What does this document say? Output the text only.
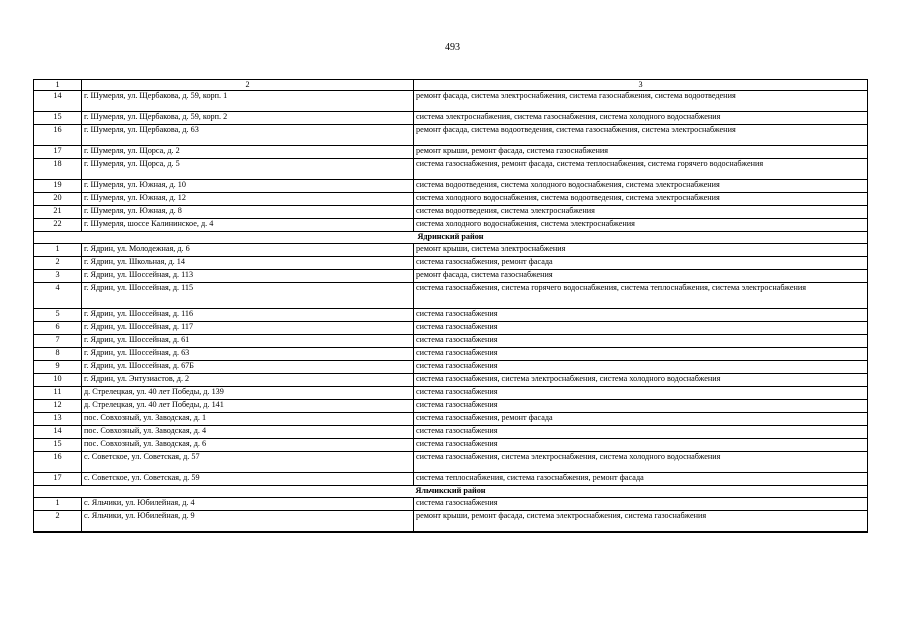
493
1	2	3
14	г. Шумерля, ул. Щербакова, д. 59, корп. 1	ремонт фасада, система электроснабжения, система газоснабжения, система водоотведения
15	г. Шумерля, ул. Щербакова, д. 59, корп. 2	система электроснабжения, система газоснабжения, система холодного водоснабжения
16	г. Шумерля, ул. Щербакова, д. 63	ремонт фасада, система водоотведения, система газоснабжения, система электроснабжения
17	г. Шумерля, ул. Щорса, д. 2	ремонт крыши, ремонт фасада, система газоснабжения
18	г. Шумерля, ул. Щорса, д. 5	система газоснабжения, ремонт фасада, система теплоснабжения, система горячего водоснабжения
19	г. Шумерля, ул. Южная, д. 10	система водоотведения, система холодного водоснабжения, система электроснабжения
20	г. Шумерля, ул. Южная, д. 12	система холодного водоснабжения, система водоотведения, система электроснабжения
21	г. Шумерля, ул. Южная, д. 8	система водоотведения, система электроснабжения
22	г. Шумерля, шоссе Калининское, д. 4	система холодного водоснабжения, система электроснабжения
Ядринский район		
1	г. Ядрин, ул. Молодежная, д. 6	ремонт крыши, система электроснабжения
2	г. Ядрин, ул. Школьная, д. 14	система газоснабжения, ремонт фасада
3	г. Ядрин, ул. Шоссейная, д. 113	ремонт фасада, система газоснабжения
4	г. Ядрин, ул. Шоссейная, д. 115	система газоснабжения, система горячего водоснабжения, система теплоснабжения, система электроснабжения
5	г. Ядрин, ул. Шоссейная, д. 116	система газоснабжения
6	г. Ядрин, ул. Шоссейная, д. 117	система газоснабжения
7	г. Ядрин, ул. Шоссейная, д. 61	система газоснабжения
8	г. Ядрин, ул. Шоссейная, д. 63	система газоснабжения
9	г. Ядрин, ул. Шоссейная, д. 67Б	система газоснабжения
10	г. Ядрин, ул. Энтузиастов, д. 2	система газоснабжения, система электроснабжения, система холодного водоснабжения
11	д. Стрелецкая, ул. 40 лет Победы, д. 139	система газоснабжения
12	д. Стрелецкая, ул. 40 лет Победы, д. 141	система газоснабжения
13	пос. Совхозный, ул. Заводская, д. 1	система газоснабжения, ремонт фасада
14	пос. Совхозный, ул. Заводская, д. 4	система газоснабжения
15	пос. Совхозный, ул. Заводская, д. 6	система газоснабжения
16	с. Советское, ул. Советская, д. 57	система газоснабжения, система электроснабжения, система холодного водоснабжения
17	с. Советское, ул. Советская, д. 59	система теплоснабжения, система газоснабжения, ремонт фасада
Яльчикский район		
1	с. Яльчики, ул. Юбилейная, д. 4	система газоснабжения
2	с. Яльчики, ул. Юбилейная, д. 9	ремонт крыши, ремонт фасада, система электроснабжения, система газоснабжения
